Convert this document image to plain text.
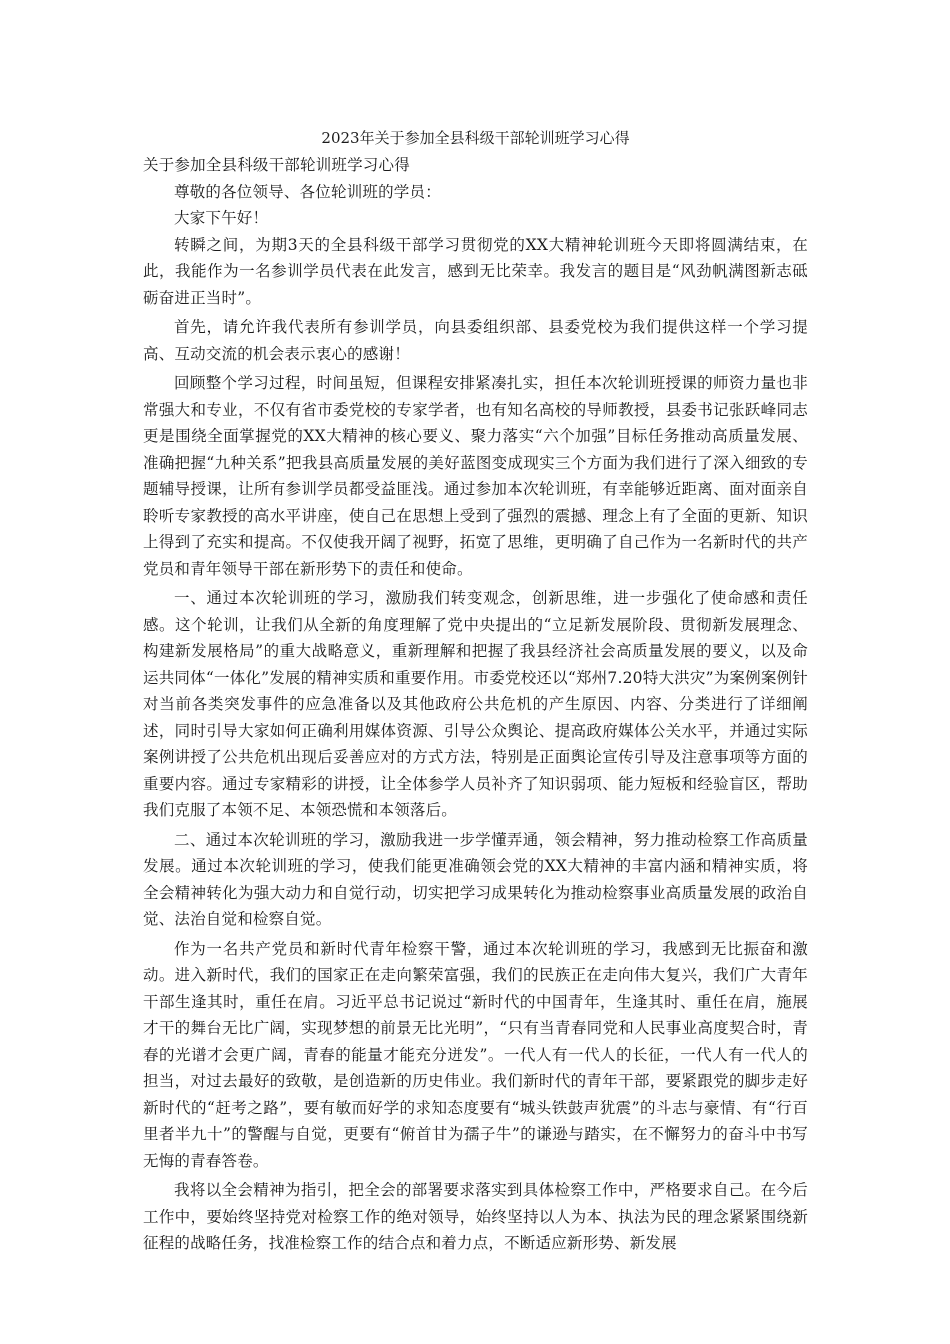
2023年关于参加全县科级干部轮训班学习心得
关于参加全县科级干部轮训班学习心得
尊敬的各位领导、各位轮训班的学员：
大家下午好！
转瞬之间，为期3天的全县科级干部学习贯彻党的XX大精神轮训班今天即将圆满结束，在此，我能作为一名参训学员代表在此发言，感到无比荣幸。我发言的题目是“风劲帆满图新志砥砺奋进正当时”。
首先，请允许我代表所有参训学员，向县委组织部、县委党校为我们提供这样一个学习提高、互动交流的机会表示衷心的感谢！
回顾整个学习过程，时间虽短，但课程安排紧凑扎实，担任本次轮训班授课的师资力量也非常强大和专业，不仅有省市委党校的专家学者，也有知名高校的导师教授，县委书记张跃峰同志更是围绕全面掌握党的XX大精神的核心要义、聚力落实“六个加强”目标任务推动高质量发展、准确把握“九种关系”把我县高质量发展的美好蓝图变成现实三个方面为我们进行了深入细致的专题辅导授课，让所有参训学员都受益匪浅。通过参加本次轮训班，有幸能够近距离、面对面亲自聆听专家教授的高水平讲座，使自己在思想上受到了强烈的震撼、理念上有了全面的更新、知识上得到了充实和提高。不仅使我开阔了视野，拓宽了思维，更明确了自己作为一名新时代的共产党员和青年领导干部在新形势下的责任和使命。
一、通过本次轮训班的学习，激励我们转变观念，创新思维，进一步强化了使命感和责任感。这个轮训，让我们从全新的角度理解了党中央提出的“立足新发展阶段、贯彻新发展理念、构建新发展格局”的重大战略意义，重新理解和把握了我县经济社会高质量发展的要义，以及命运共同体“一体化”发展的精神实质和重要作用。市委党校还以“郑州7.20特大洪灾”为案例案例针对当前各类突发事件的应急准备以及其他政府公共危机的产生原因、内容、分类进行了详细阐述，同时引导大家如何正确利用媒体资源、引导公众舆论、提高政府媒体公关水平，并通过实际案例讲授了公共危机出现后妥善应对的方式方法，特别是正面舆论宣传引导及注意事项等方面的重要内容。通过专家精彩的讲授，让全体参学人员补齐了知识弱项、能力短板和经验盲区，帮助我们克服了本领不足、本领恐慌和本领落后。
二、通过本次轮训班的学习，激励我进一步学懂弄通，领会精神，努力推动检察工作高质量发展。通过本次轮训班的学习，使我们能更准确领会党的XX大精神的丰富内涵和精神实质，将全会精神转化为强大动力和自觉行动，切实把学习成果转化为推动检察事业高质量发展的政治自觉、法治自觉和检察自觉。
作为一名共产党员和新时代青年检察干警，通过本次轮训班的学习，我感到无比振奋和激动。进入新时代，我们的国家正在走向繁荣富强，我们的民族正在走向伟大复兴，我们广大青年干部生逢其时，重任在肩。习近平总书记说过“新时代的中国青年，生逢其时、重任在肩，施展才干的舞台无比广阔，实现梦想的前景无比光明”，“只有当青春同党和人民事业高度契合时，青春的光谱才会更广阔，青春的能量才能充分迸发”。一代人有一代人的长征，一代人有一代人的担当，对过去最好的致敬，是创造新的历史伟业。我们新时代的青年干部，要紧跟党的脚步走好新时代的“赶考之路”，要有敏而好学的求知态度要有“城头铁鼓声犹震”的斗志与豪情、有“行百里者半九十”的警醒与自觉，更要有“俯首甘为孺子牛”的谦逊与踏实，在不懈努力的奋斗中书写无悔的青春答卷。
我将以全会精神为指引，把全会的部署要求落实到具体检察工作中，严格要求自己。在今后工作中，要始终坚持党对检察工作的绝对领导，始终坚持以人为本、执法为民的理念紧紧围绕新征程的战略任务，找准检察工作的结合点和着力点，不断适应新形势、新发展
